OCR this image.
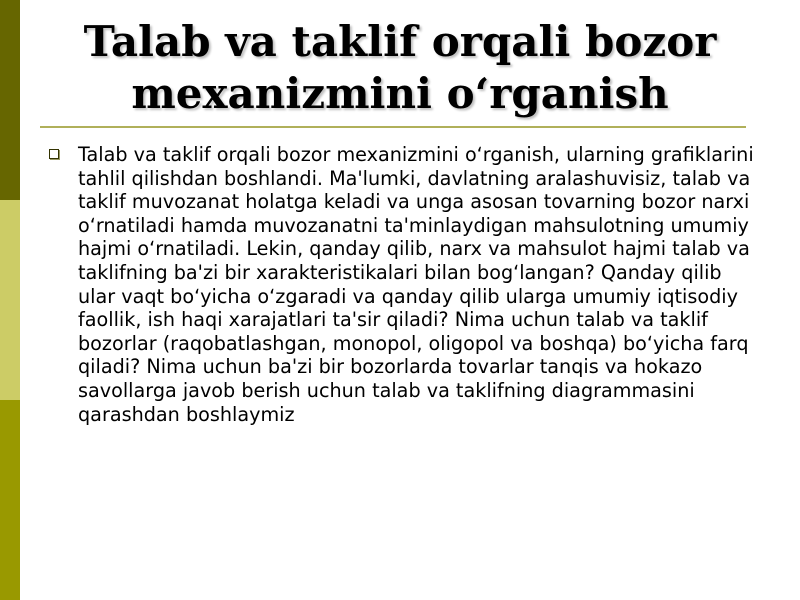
Talab va taklif orqali bozor mexanizmini o‘rganish

Talab va taklif orqali bozor mexanizmini oʻrganish, ularning grafiklarini tahlil qilishdan boshlandi. Ma'lumki, davlatning aralashuvisiz, talab va taklif muvozanat holatga keladi va unga asosan tovarning bozor narxi oʻrnatiladi hamda muvozanatni ta'minlaydigan mahsulotning umumiy hajmi oʻrnatiladi. Lekin, qanday qilib, narx va mahsulot hajmi talab va taklifning ba'zi bir xarakteristikalari bilan bogʻlangan? Qanday qilib ular vaqt boʻyicha oʻzgaradi va qanday qilib ularga umumiy iqtisodiy faollik, ish haqi xarajatlari ta'sir qiladi? Nima uchun talab va taklif bozorlar (raqobatlashgan, monopol, oligopol va boshqa) boʻyicha farq qiladi? Nima uchun ba'zi bir bozorlarda tovarlar tanqis va hokazo savollarga javob berish uchun talab va taklifning diagrammasini qarashdan boshlaymiz
